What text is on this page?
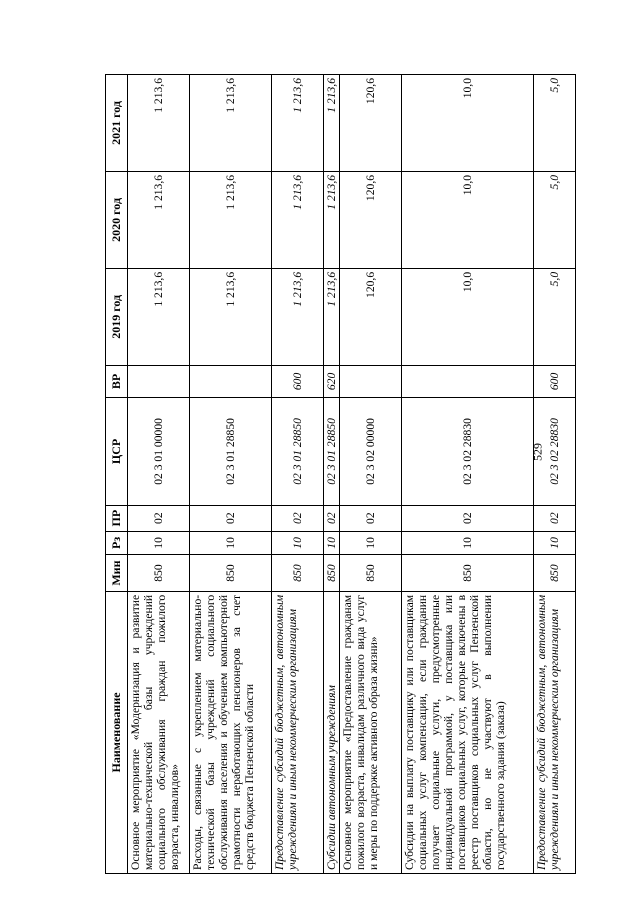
529
Наименование	Мин	Рз	ПР	ЦСР	ВР	2019 год	2020 год	2021 год
Основное мероприятие «Модернизация и развитие материально-технической базы учреждений социального обслуживания граждан пожилого возраста, инвалидов»	850	10	02	02 3 01 00000		1 213,6	1 213,6	1 213,6
Расходы, связанные с укреплением материально-технической базы учреждений социального обслуживания населения и обучением компьютерной грамотности неработающих пенсионеров за счет средств бюджета Пензенской области	850	10	02	02 3 01 28850		1 213,6	1 213,6	1 213,6
Предоставление субсидий бюджетным, автономным учреждениям и иным некоммерческим организациям	850	10	02	02 3 01 28850	600	1 213,6	1 213,6	1 213,6
Субсидии автономным учреждениям	850	10	02	02 3 01 28850	620	1 213,6	1 213,6	1 213,6
Основное мероприятие «Предоставление гражданам пожилого возраста, инвалидам различного вида услуг и меры по поддержке активного образа жизни»	850	10	02	02 3 02 00000		120,6	120,6	120,6
Субсидии на выплату поставщику или поставщикам социальных услуг компенсации, если гражданин получает социальные услуги, предусмотренные индивидуальной программой, у поставщика или поставщиков социальных услуг, которые включены в реестр поставщиков социальных услуг Пензенской области, но не участвуют в выполнении государственного задания (заказа)	850	10	02	02 3 02 28830		10,0	10,0	10,0
Предоставление субсидий бюджетным, автономным учреждениям и иным некоммерческим организациям	850	10	02	02 3 02 28830	600	5,0	5,0	5,0
